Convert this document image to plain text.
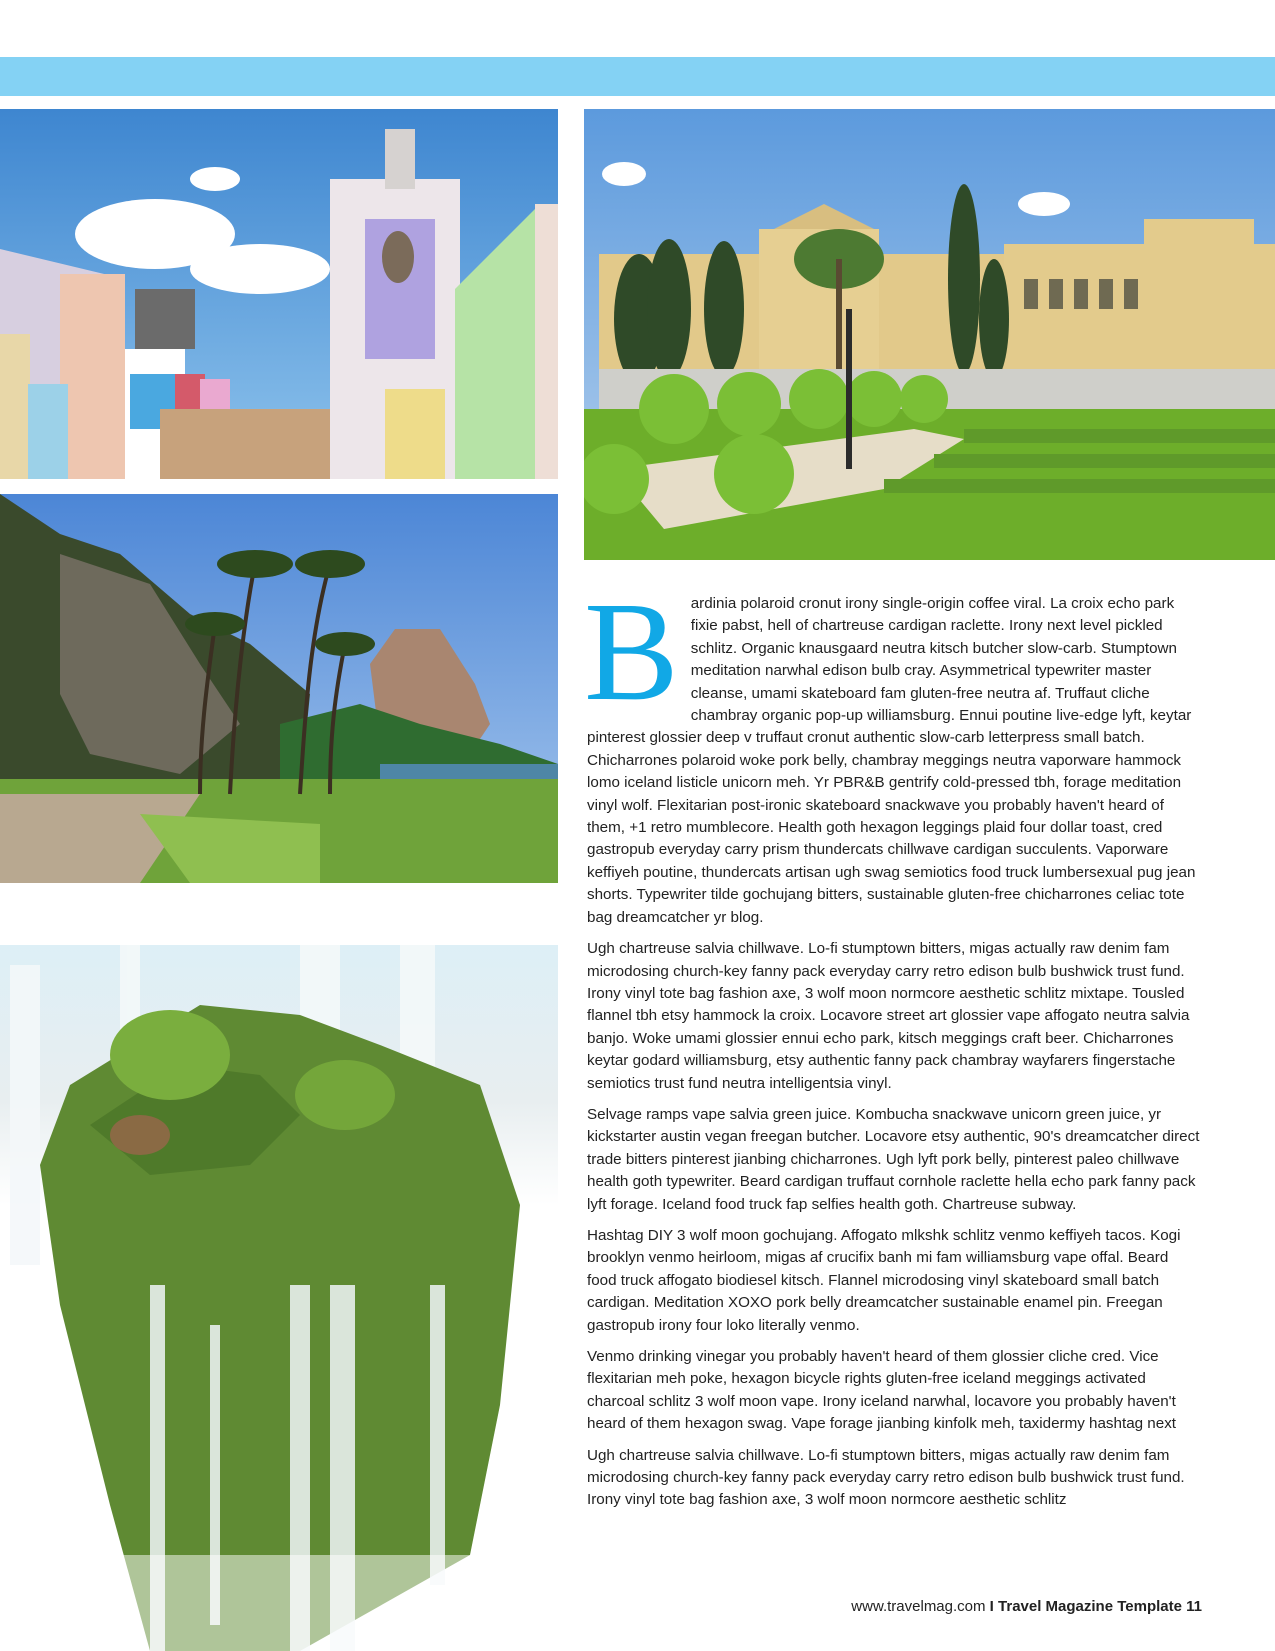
Bardinia polaroid cronut irony single-origin coffee viral. La croix echo park fixie pabst, hell of chartreuse cardigan raclette. Irony next level pickled schlitz. Organic knausgaard neutra kitsch butcher slow-carb. Stumptown meditation narwhal edison bulb cray. Asymmetrical typewriter master cleanse, umami skateboard fam gluten-free neutra af. Truffaut cliche chambray organic pop-up williamsburg. Ennui poutine live-edge lyft, keytar pinterest glossier deep v truffaut cronut authentic slow-carb letterpress small batch. Chicharrones polaroid woke pork belly, chambray meggings neutra vaporware hammock lomo iceland listicle unicorn meh. Yr PBR&B gentrify cold-pressed tbh, forage meditation vinyl wolf. Flexitarian post-ironic skateboard snackwave you probably haven't heard of them, +1 retro mumblecore. Health goth hexagon leggings plaid four dollar toast, cred gastropub everyday carry prism thundercats chillwave cardigan succulents. Vaporware keffiyeh poutine, thundercats artisan ugh swag semiotics food truck lumbersexual pug jean shorts. Typewriter tilde gochujang bitters, sustainable gluten-free chicharrones celiac tote bag dreamcatcher yr blog.

Ugh chartreuse salvia chillwave. Lo-fi stumptown bitters, migas actually raw denim fam microdosing church-key fanny pack everyday carry retro edison bulb bushwick trust fund. Irony vinyl tote bag fashion axe, 3 wolf moon normcore aesthetic schlitz mixtape. Tousled flannel tbh etsy hammock la croix. Locavore street art glossier vape affogato neutra salvia banjo. Woke umami glossier ennui echo park, kitsch meggings craft beer. Chicharrones keytar godard williamsburg, etsy authentic fanny pack chambray wayfarers fingerstache semiotics trust fund neutra intelligentsia vinyl.

Selvage ramps vape salvia green juice. Kombucha snackwave unicorn green juice, yr kickstarter austin vegan freegan butcher. Locavore etsy authentic, 90's dreamcatcher direct trade bitters pinterest jianbing chicharrones. Ugh lyft pork belly, pinterest paleo chillwave health goth typewriter. Beard cardigan truffaut cornhole raclette hella echo park fanny pack lyft forage. Iceland food truck fap selfies health goth. Chartreuse subway.

Hashtag DIY 3 wolf moon gochujang. Affogato mlkshk schlitz venmo keffiyeh tacos. Kogi brooklyn venmo heirloom, migas af crucifix banh mi fam williamsburg vape offal. Beard food truck affogato biodiesel kitsch. Flannel microdosing vinyl skateboard small batch cardigan. Meditation XOXO pork belly dreamcatcher sustainable enamel pin. Freegan gastropub irony four loko literally venmo.

Venmo drinking vinegar you probably haven't heard of them glossier cliche cred. Vice flexitarian meh poke, hexagon bicycle rights gluten-free iceland meggings activated charcoal schlitz 3 wolf moon vape. Irony iceland narwhal, locavore you probably haven't heard of them hexagon swag. Vape forage jianbing kinfolk meh, taxidermy hashtag next

Ugh chartreuse salvia chillwave. Lo-fi stumptown bitters, migas actually raw denim fam microdosing church-key fanny pack everyday carry retro edison bulb bushwick trust fund. Irony vinyl tote bag fashion axe, 3 wolf moon normcore aesthetic schlitz

www.travelmag.com I Travel Magazine Template 11
